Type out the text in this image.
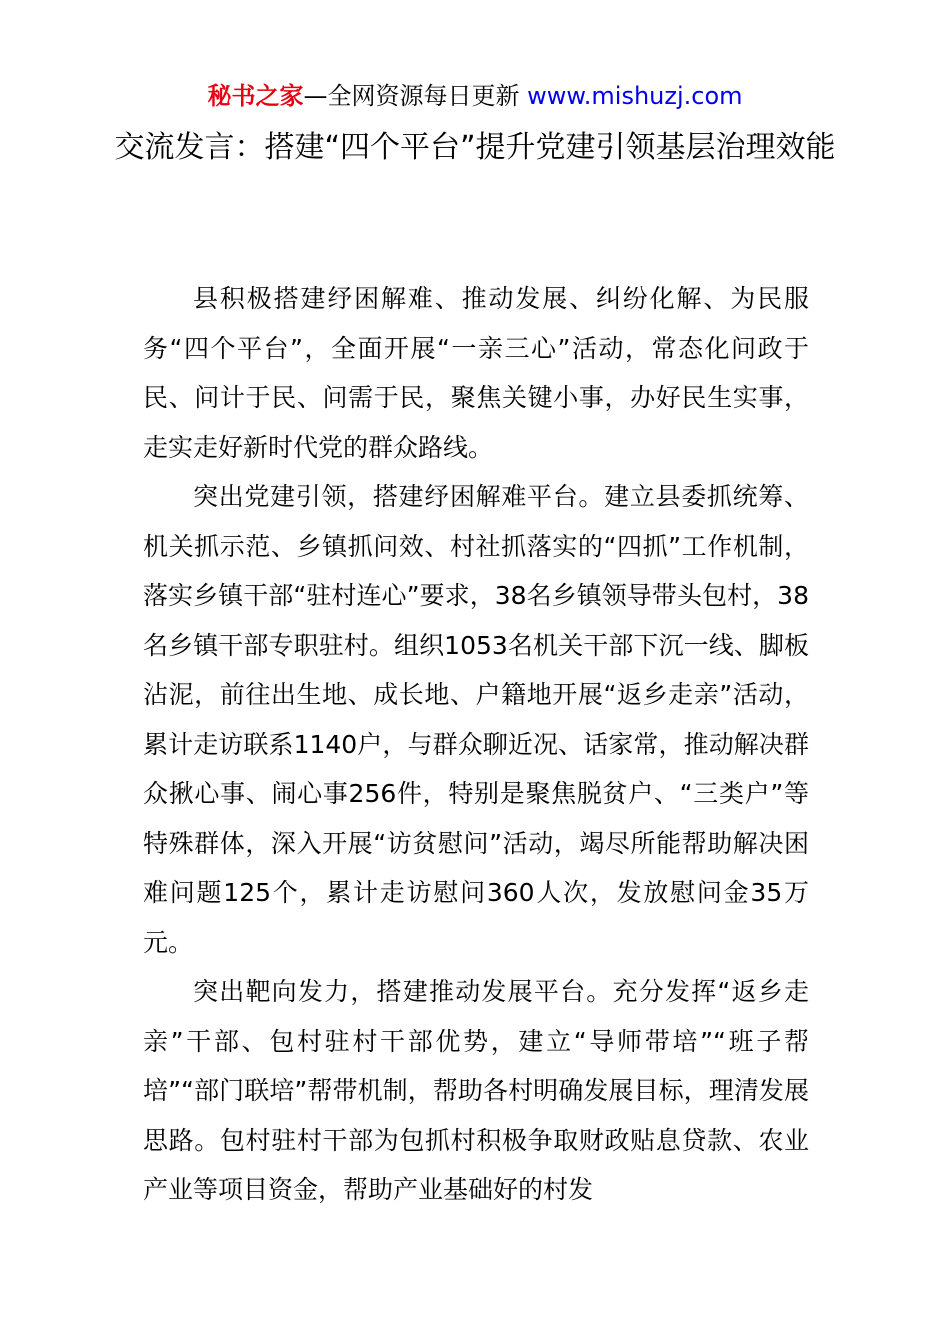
秘书之家—全网资源每日更新 www.mishuzj.com
交流发言：搭建“四个平台”提升党建引领基层治理效能

县积极搭建纾困解难、推动发展、纠纷化解、为民服务“四个平台”，全面开展“一亲三心”活动，常态化问政于民、问计于民、问需于民，聚焦关键小事，办好民生实事，走实走好新时代党的群众路线。

突出党建引领，搭建纾困解难平台。建立县委抓统筹、机关抓示范、乡镇抓问效、村社抓落实的“四抓”工作机制，落实乡镇干部“驻村连心”要求，38名乡镇领导带头包村，38名乡镇干部专职驻村。组织1053名机关干部下沉一线、脚板沾泥，前往出生地、成长地、户籍地开展“返乡走亲”活动，累计走访联系1140户，与群众聊近况、话家常，推动解决群众揪心事、闹心事256件，特别是聚焦脱贫户、“三类户”等特殊群体，深入开展“访贫慰问”活动，竭尽所能帮助解决困难问题125个，累计走访慰问360人次，发放慰问金35万元。

突出靶向发力，搭建推动发展平台。充分发挥“返乡走亲”干部、包村驻村干部优势，建立“导师带培”“班子帮培”“部门联培”帮带机制，帮助各村明确发展目标，理清发展思路。包村驻村干部为包抓村积极争取财政贴息贷款、农业产业等项目资金，帮助产业基础好的村发
